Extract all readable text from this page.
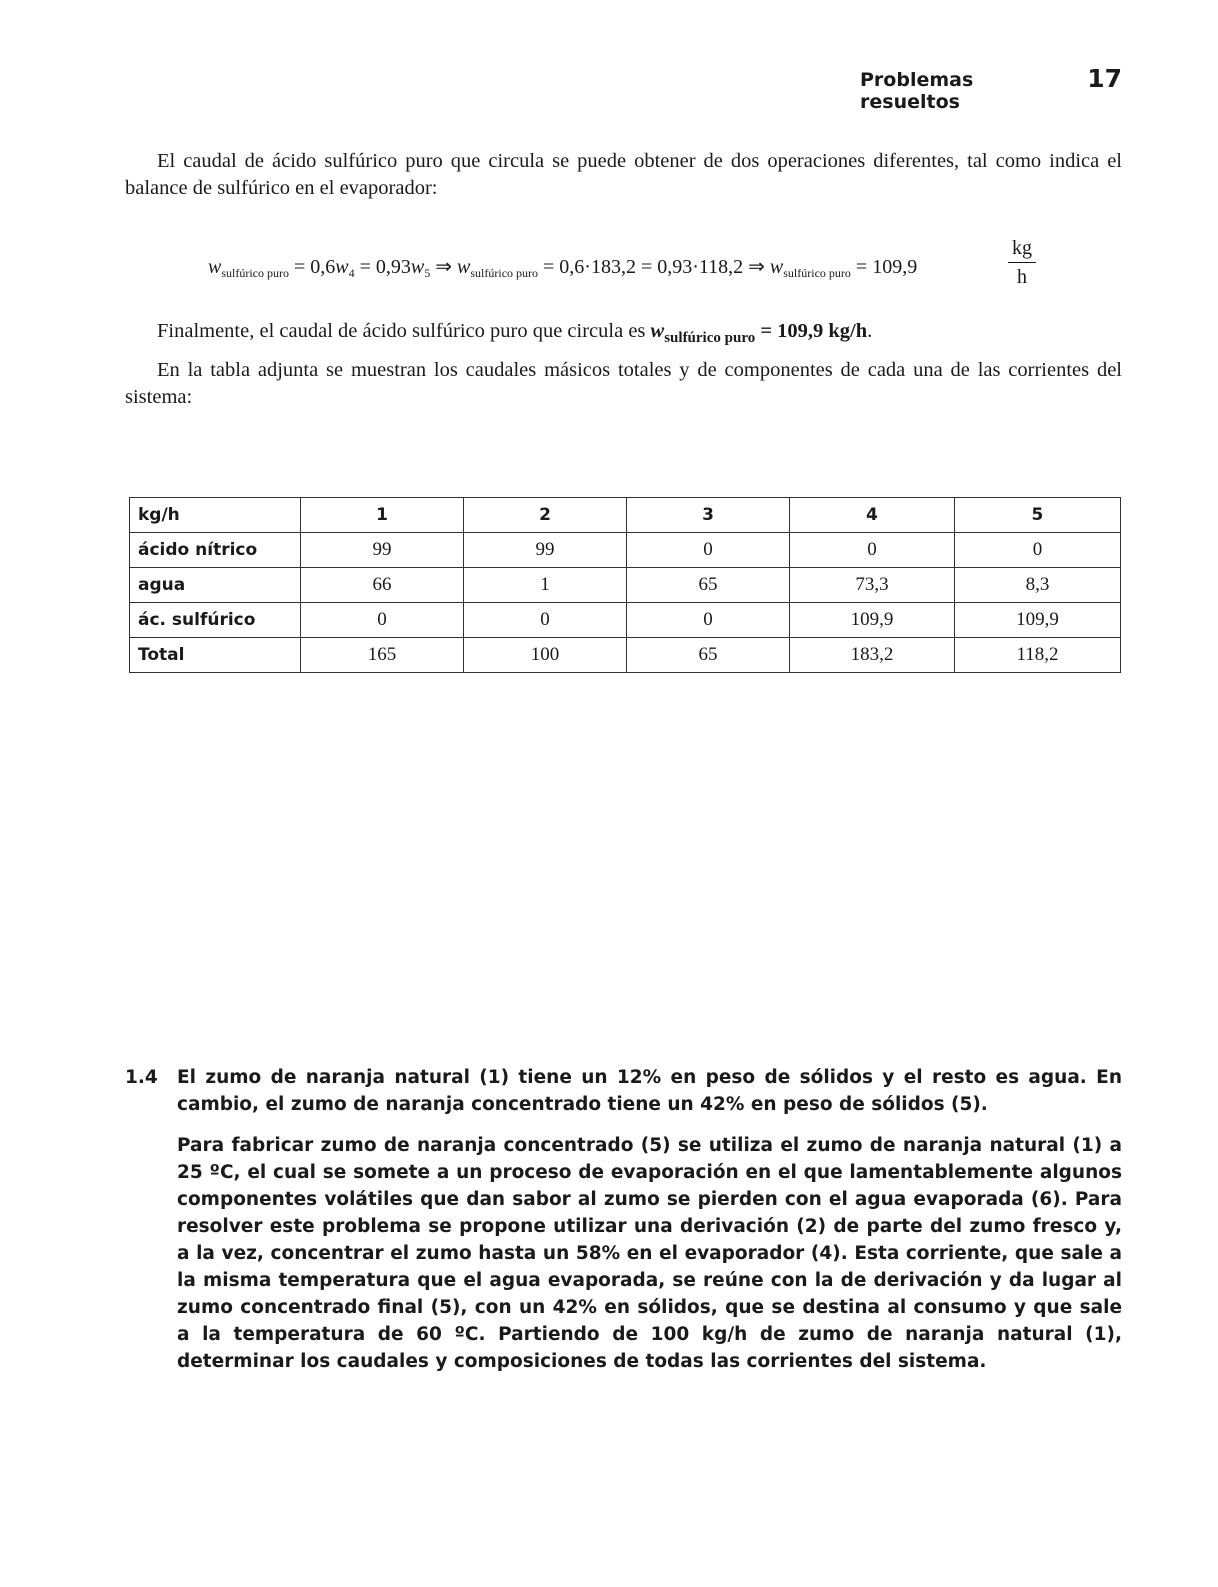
Problemas resueltos
17

El caudal de ácido sulfúrico puro que circula se puede obtener de dos operaciones diferentes, tal como indica el balance de sulfúrico en el evaporador:

$w_{sulfúrico puro} = 0,6w_4 = 0,93w_5$ ⇒ $w_{sulfúrico puro} = 0,6\cdot 183,2 = 0,93\cdot 118,2$ ⇒ $w_{sulfúrico puro} = 109,9$
kg
h

Finalmente, el caudal de ácido sulfúrico puro que circula es $w_{sulfúrico puro} = 109,9$ kg/h.

En la tabla adjunta se muestran los caudales másicos totales y de componentes de cada una de las corrientes del sistema:

kg/h	1	2	3	4	5
ácido nítrico	99	99	0	0	0
agua	66	1	65	73,3	8,3
ác. sulfúrico	0	0	0	109,9	109,9
Total	165	100	65	183,2	118,2
1.4 El zumo de naranja natural (1) tiene un 12% en peso de sólidos y el resto es agua. En cambio, el zumo de naranja concentrado tiene un 42% en peso de sólidos (5).

Para fabricar zumo de naranja concentrado (5) se utiliza el zumo de naranja natural (1) a 25 ºC, el cual se somete a un proceso de evaporación en el que lamentablemente algunos componentes volátiles que dan sabor al zumo se pierden con el agua evaporada (6). Para resolver este problema se propone utilizar una derivación (2) de parte del zumo fresco y, a la vez, concentrar el zumo hasta un 58% en el evaporador (4). Esta corriente, que sale a la misma temperatura que el agua evaporada, se reúne con la de derivación y da lugar al zumo concentrado final (5), con un 42% en sólidos, que se destina al consumo y que sale a la temperatura de 60 ºC. Partiendo de 100 kg/h de zumo de naranja natural (1), determinar los caudales y composiciones de todas las corrientes del sistema.
